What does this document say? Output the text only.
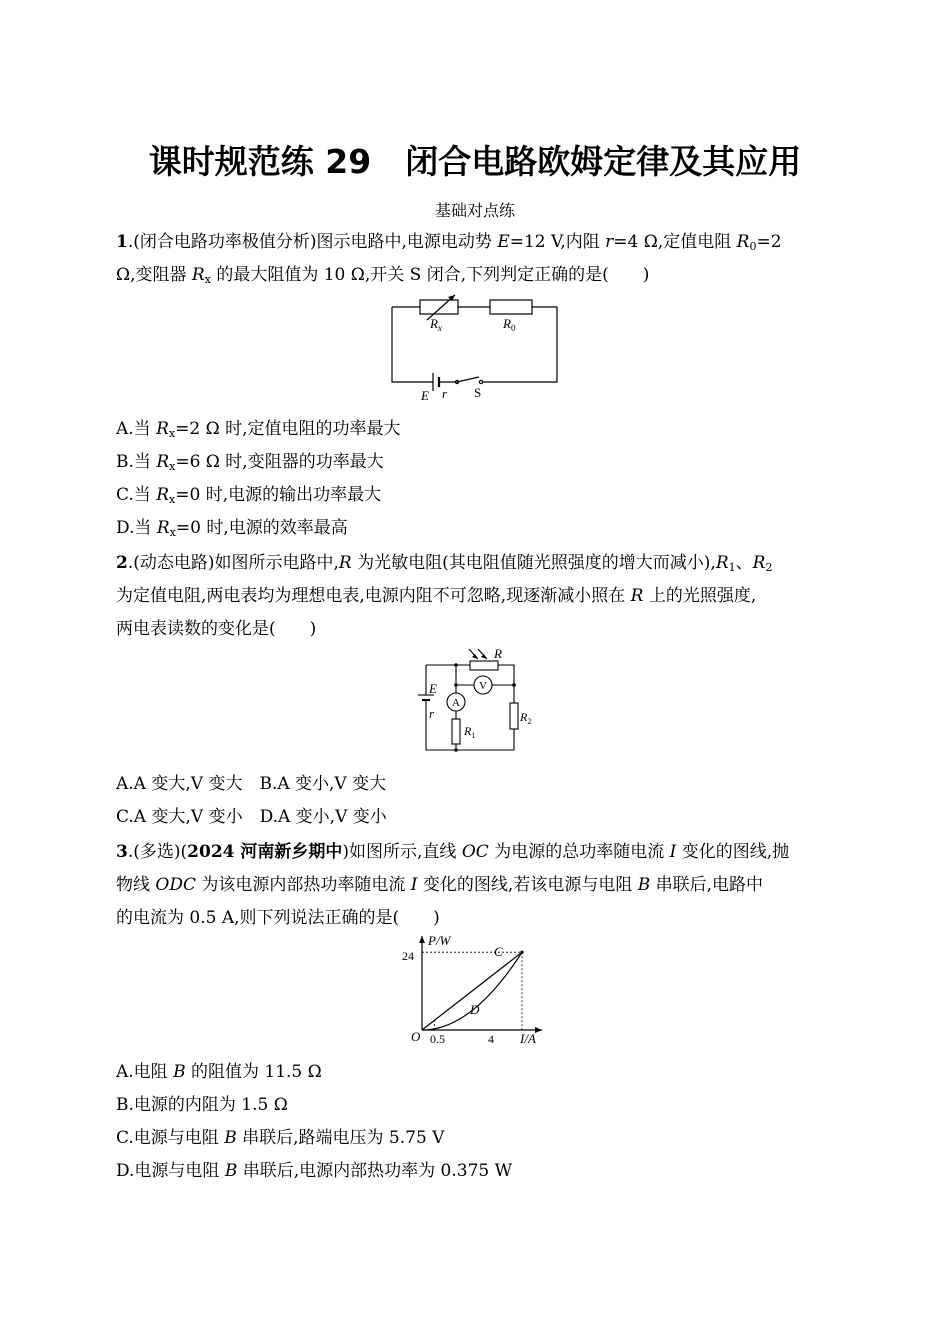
课时规范练 29 闭合电路欧姆定律及其应用
基础对点练
1.(闭合电路功率极值分析)图示电路中,电源电动势 E=12 V,内阻 r=4 Ω,定值电阻 $R_0=2$
Ω,变阻器 $R_x$ 的最大阻值为 10 Ω,开关 S 闭合,下列判定正确的是(　　)
$R_x$	$R_0$
E r S
A.当 $R_x=2$ Ω 时,定值电阻的功率最大
B.当 $R_x=6$ Ω 时,变阻器的功率最大
C.当 $R_x=0$ 时,电源的输出功率最大
D.当 $R_x=0$ 时,电源的效率最高
2.(动态电路)如图所示电路中,R 为光敏电阻(其电阻值随光照强度的增大而减小)$,R_1$、$R_2$
为定值电阻,两电表均为理想电表,电源内阻不可忽略,现逐渐减小照在 R 上的光照强度,
两电表读数的变化是(　　)
R
V
A
E
r
$R_1$
$R_2$
A.A 变大,V 变大　B.A 变小,V 变大
C.A 变大,V 变小　D.A 变小,V 变小
3.(多选)(2024 河南新乡期中)如图所示,直线 OC 为电源的总功率随电流 I 变化的图线,抛
物线 ODC 为该电源内部热功率随电流 I 变化的图线,若该电源与电阻 B 串联后,电路中
的电流为 0.5 A,则下列说法正确的是(　　)
P/W
I/A
24
0.5	4
O
C
D
A.电阻 B 的阻值为 11.5 Ω
B.电源的内阻为 1.5 Ω
C.电源与电阻 B 串联后,路端电压为 5.75 V
D.电源与电阻 B 串联后,电源内部热功率为 0.375 W
